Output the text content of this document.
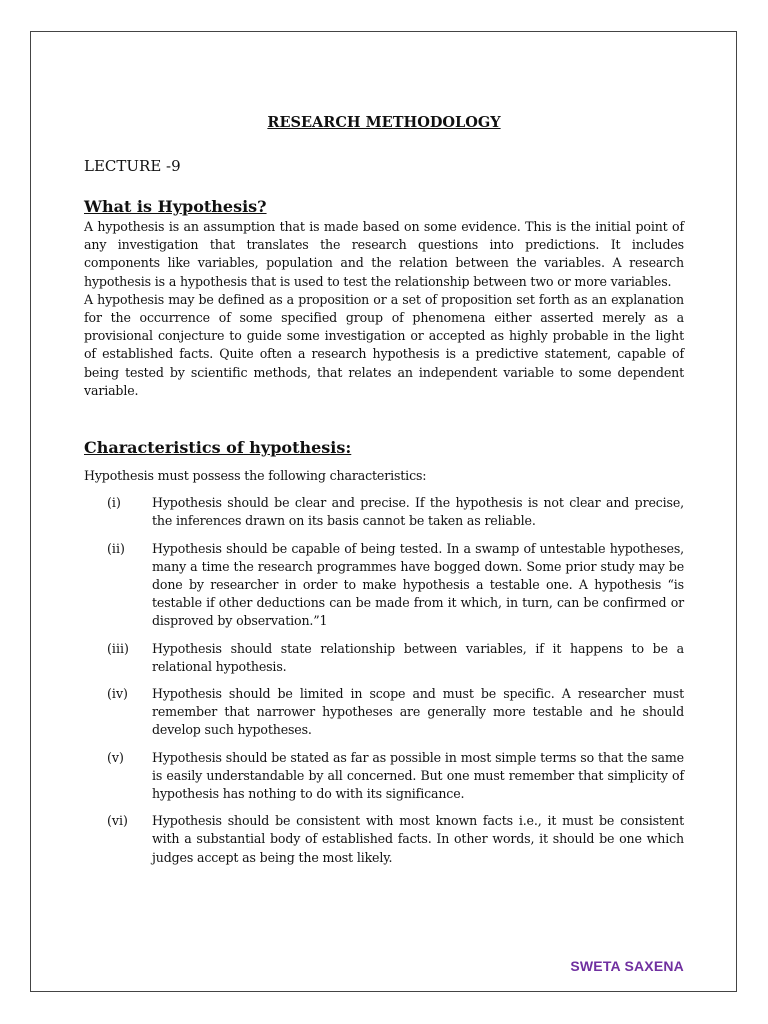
RESEARCH METHODOLOGY
LECTURE -9
What is Hypothesis?

A hypothesis is an assumption that is made based on some evidence. This is the initial point of any investigation that translates the research questions into predictions. It includes components like variables, population and the relation between the variables. A research hypothesis is a hypothesis that is used to test the relationship between two or more variables.

A hypothesis may be defined as a proposition or a set of proposition set forth as an explanation for the occurrence of some specified group of phenomena either asserted merely as a provisional conjecture to guide some investigation or accepted as highly probable in the light of established facts. Quite often a research hypothesis is a predictive statement, capable of being tested by scientific methods, that relates an independent variable to some dependent variable.

Characteristics of hypothesis:
Hypothesis must possess the following characteristics:
(i)	Hypothesis should be clear and precise. If the hypothesis is not clear and precise, the inferences drawn on its basis cannot be taken as reliable.
(ii)	Hypothesis should be capable of being tested. In a swamp of untestable hypotheses, many a time the research programmes have bogged down. Some prior study may be done by researcher in order to make hypothesis a testable one. A hypothesis “is testable if other deductions can be made from it which, in turn, can be confirmed or disproved by observation.”1
(iii)	Hypothesis should state relationship between variables, if it happens to be a relational hypothesis.
(iv)	Hypothesis should be limited in scope and must be specific. A researcher must remember that narrower hypotheses are generally more testable and he should develop such hypotheses.
(v)	Hypothesis should be stated as far as possible in most simple terms so that the same is easily understandable by all concerned. But one must remember that simplicity of hypothesis has nothing to do with its significance.
(vi)	Hypothesis should be consistent with most known facts i.e., it must be consistent with a substantial body of established facts. In other words, it should be one which judges accept as being the most likely.
SWETA SAXENA
